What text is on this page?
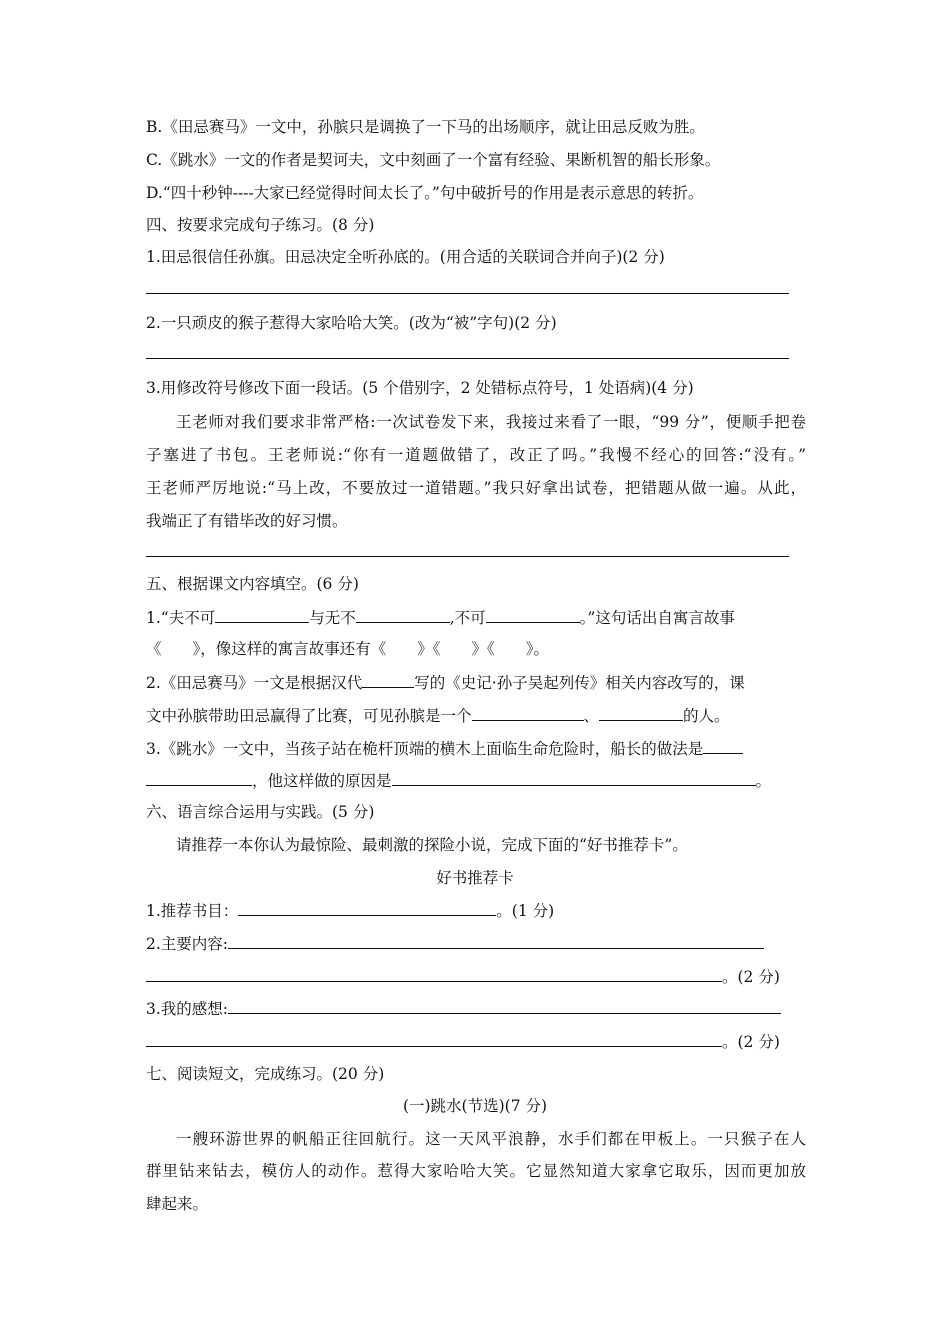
B.《田忌赛马》一文中，孙膑只是调换了一下马的出场顺序，就让田忌反败为胜。
C.《跳水》一文的作者是契诃夫，文中刻画了一个富有经验、果断机智的船长形象。
D.“四十秒钟----大家已经觉得时间太长了。”句中破折号的作用是表示意思的转折。
四、按要求完成句子练习。(8 分)
1.田忌很信任孙旗。田忌决定全听孙底的。(用合适的关联词合并向子)(2 分)
2.一只顽皮的猴子惹得大家哈哈大笑。(改为“被”字句)(2 分)
3.用修改符号修改下面一段话。(5 个借别字，2 处错标点符号，1 处语病)(4 分)
王老师对我们要求非常严格:一次试卷发下来，我接过来看了一眼，“99 分”，便顺手把卷
子塞进了书包。王老师说:“你有一道题做错了，改正了吗。”我慢不经心的回答:“没有。”
王老师严厉地说:“马上改，不要放过一道错题。”我只好拿出试卷，把错题从做一遍。从此，
我端正了有错毕改的好习惯。
五、根据课文内容填空。(6 分)
1.“夫不可	与无不	,不可	。”这句话出自寓言故事
《　　》，像这样的寓言故事还有《　　》《　　》《　　》。
2.《田忌赛马》一文是根据汉代	写的《史记·孙子吴起列传》相关内容改写的，课
文中孙膑带助田忌赢得了比赛，可见孙膑是一个	、	的人。
3.《跳水》一文中，当孩子站在桅杆顶端的横木上面临生命危险时，船长的做法是
，他这样做的原因是	。
六、语言综合运用与实践。(5 分)
请推荐一本你认为最惊险、最刺激的探险小说，完成下面的“好书推荐卡”。
好书推荐卡
1.推荐书目：	。(1 分)
2.主要内容:
。(2 分)
3.我的感想:
。(2 分)
七、阅读短文，完成练习。(20 分)
(一)跳水(节选)(7 分)
一艘环游世界的帆船正往回航行。这一天风平浪静，水手们都在甲板上。一只猴子在人
群里钻来钻去，模仿人的动作。惹得大家哈哈大笑。它显然知道大家拿它取乐，因而更加放
肆起来。
